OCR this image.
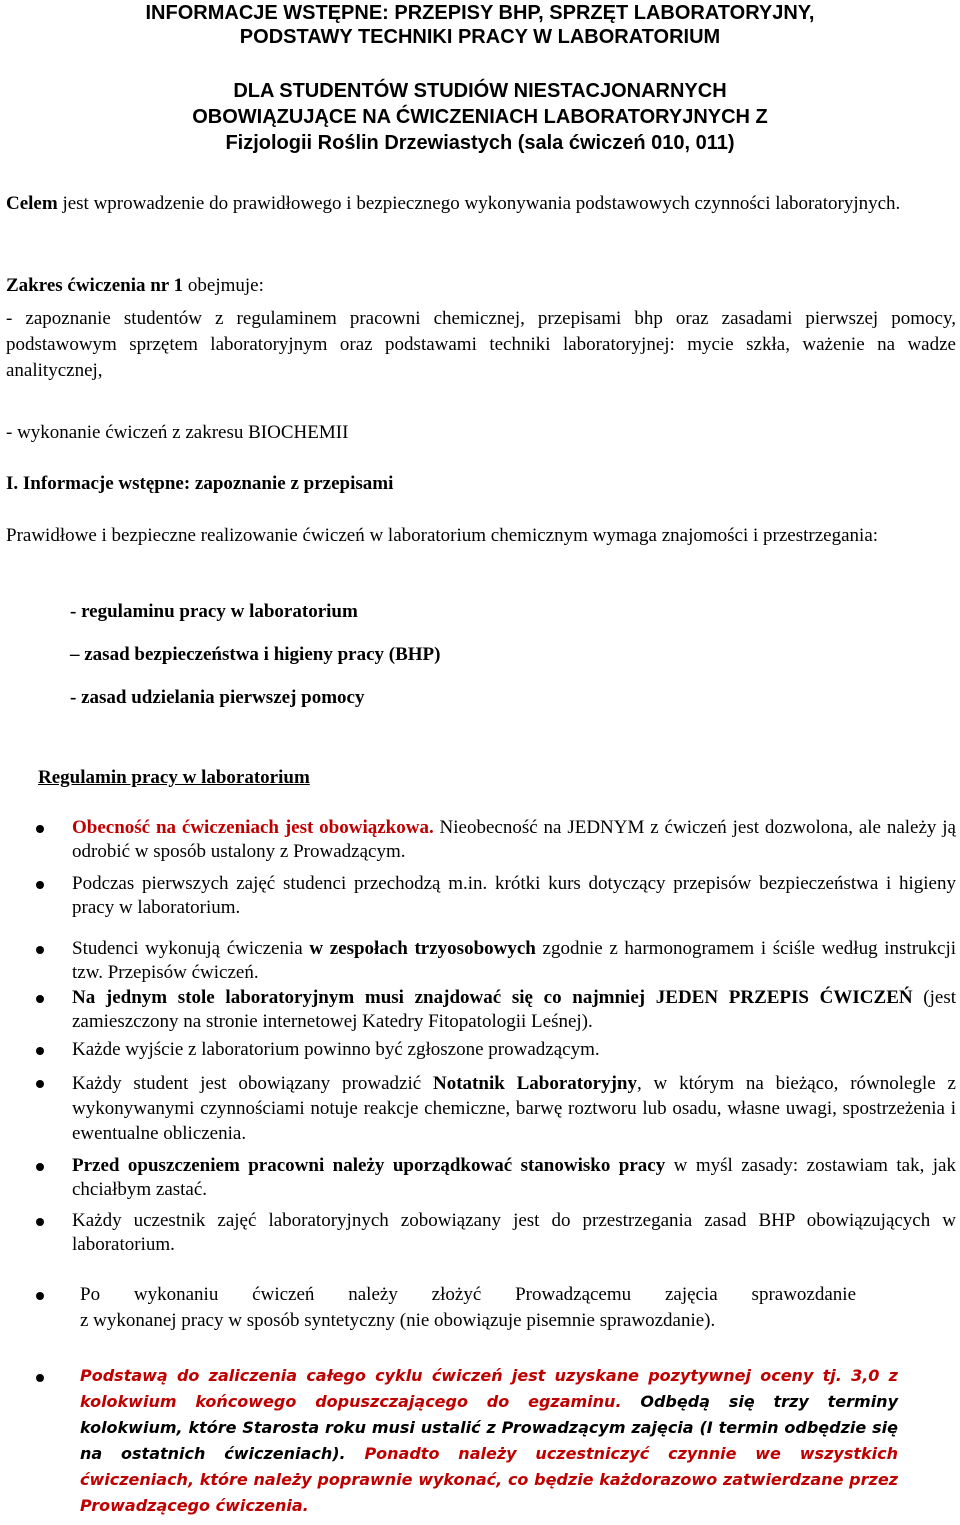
INFORMACJE WSTĘPNE: PRZEPISY BHP, SPRZĘT LABORATORYJNY,
PODSTAWY TECHNIKI PRACY W LABORATORIUM
DLA STUDENTÓW STUDIÓW NIESTACJONARNYCH
OBOWIĄZUJĄCE NA ĆWICZENIACH LABORATORYJNYCH Z
Fizjologii Roślin Drzewiastych (sala ćwiczeń 010, 011)

Celem jest wprowadzenie do prawidłowego i bezpiecznego wykonywania podstawowych czynności laboratoryjnych.

Zakres ćwiczenia nr 1 obejmuje:

- zapoznanie studentów z regulaminem pracowni chemicznej, przepisami bhp oraz zasadami pierwszej pomocy, podstawowym sprzętem laboratoryjnym oraz podstawami techniki laboratoryjnej: mycie szkła, ważenie na wadze analitycznej,

- wykonanie ćwiczeń z zakresu BIOCHEMII

I. Informacje wstępne: zapoznanie z przepisami

Prawidłowe i bezpieczne realizowanie ćwiczeń w laboratorium chemicznym wymaga znajomości i przestrzegania:

- regulaminu pracy w laboratorium

– zasad bezpieczeństwa i higieny pracy (BHP)

- zasad udzielania pierwszej pomocy

Regulamin pracy w laboratorium

Obecność na ćwiczeniach jest obowiązkowa. Nieobecność na JEDNYM z ćwiczeń jest dozwolona, ale należy ją odrobić w sposób ustalony z Prowadzącym.

Podczas pierwszych zajęć studenci przechodzą m.in. krótki kurs dotyczący przepisów bezpieczeństwa i higieny pracy w laboratorium.

Studenci wykonują ćwiczenia w zespołach trzyosobowych zgodnie z harmonogramem i ściśle według instrukcji tzw. Przepisów ćwiczeń.

Na jednym stole laboratoryjnym musi znajdować się co najmniej JEDEN PRZEPIS ĆWICZEŃ (jest zamieszczony na stronie internetowej Katedry Fitopatologii Leśnej).

Każde wyjście z laboratorium powinno być zgłoszone prowadzącym.

Każdy student jest obowiązany prowadzić Notatnik Laboratoryjny, w którym na bieżąco, równolegle z wykonywanymi czynnościami notuje reakcje chemiczne, barwę roztworu lub osadu, własne uwagi, spostrzeżenia i ewentualne obliczenia.

Przed opuszczeniem pracowni należy uporządkować stanowisko pracy w myśl zasady: zostawiam tak, jak chciałbym zastać.

Każdy uczestnik zajęć laboratoryjnych zobowiązany jest do przestrzegania zasad BHP obowiązujących w laboratorium.

Po wykonaniu ćwiczeń należy złożyć Prowadzącemu zajęcia sprawozdanie

z wykonanej pracy w sposób syntetyczny (nie obowiązuje pisemnie sprawozdanie).

Podstawą do zaliczenia całego cyklu ćwiczeń jest uzyskane pozytywnej oceny tj. 3,0 z kolokwium końcowego dopuszczającego do egzaminu. Odbędą się trzy terminy kolokwium, które Starosta roku musi ustalić z Prowadzącym zajęcia (I termin odbędzie się na ostatnich ćwiczeniach). Ponadto należy uczestniczyć czynnie we wszystkich ćwiczeniach, które należy poprawnie wykonać, co będzie każdorazowo zatwierdzane przez Prowadzącego ćwiczenia.
